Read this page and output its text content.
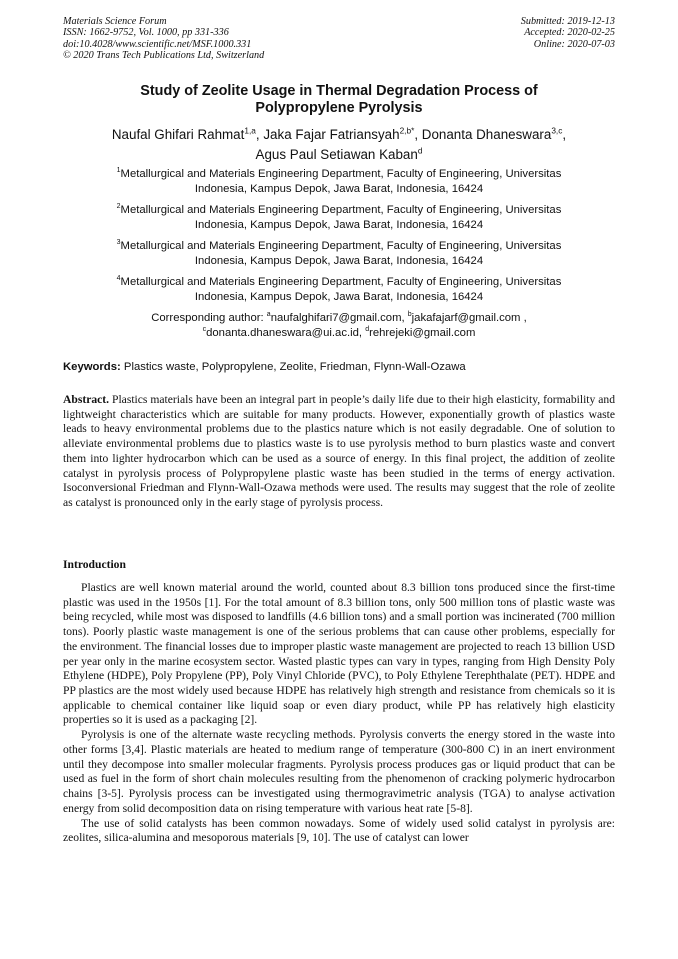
Materials Science Forum
ISSN: 1662-9752, Vol. 1000, pp 331-336
doi:10.4028/www.scientific.net/MSF.1000.331
© 2020 Trans Tech Publications Ltd, Switzerland
Submitted: 2019-12-13
Accepted: 2020-02-25
Online: 2020-07-03
Study of Zeolite Usage in Thermal Degradation Process of
Polypropylene Pyrolysis
Naufal Ghifari Rahmat$^{1,a}$, Jaka Fajar Fatriansyah$^{2,b*}$, Donanta Dhaneswara$^{3,c}$,
Agus Paul Setiawan Kaban$^d$
$^1$Metallurgical and Materials Engineering Department, Faculty of Engineering, Universitas
Indonesia, Kampus Depok, Jawa Barat, Indonesia, 16424
$^2$Metallurgical and Materials Engineering Department, Faculty of Engineering, Universitas
Indonesia, Kampus Depok, Jawa Barat, Indonesia, 16424
$^3$Metallurgical and Materials Engineering Department, Faculty of Engineering, Universitas
Indonesia, Kampus Depok, Jawa Barat, Indonesia, 16424
$^4$Metallurgical and Materials Engineering Department, Faculty of Engineering, Universitas
Indonesia, Kampus Depok, Jawa Barat, Indonesia, 16424
Corresponding author: $^a$naufalghifari7@gmail.com, $^b$jakafajarf@gmail.com ,
$^c$donanta.dhaneswara@ui.ac.id, $^d$rehrejeki@gmail.com
Keywords: Plastics waste, Polypropylene, Zeolite, Friedman, Flynn-Wall-Ozawa
Abstract. Plastics materials have been an integral part in people’s daily life due to their high elasticity, formability and lightweight characteristics which are suitable for many products. However, exponentially growth of plastics waste leads to heavy environmental problems due to the plastics nature which is not easily degradable. One of solution to alleviate environmental problems due to plastics waste is to use pyrolysis method to burn plastics waste and convert them into lighter hydrocarbon which can be used as a source of energy. In this final project, the addition of zeolite catalyst in pyrolysis process of Polypropylene plastic waste has been studied in the terms of energy activation. Isoconversional Friedman and Flynn-Wall-Ozawa methods were used. The results may suggest that the role of zeolite as catalyst is pronounced only in the early stage of pyrolysis process.
Introduction

Plastics are well known material around the world, counted about 8.3 billion tons produced since the first-time plastic was used in the 1950s [1]. For the total amount of 8.3 billion tons, only 500 million tons of plastic waste was being recycled, while most was disposed to landfills (4.6 billion tons) and a small portion was incinerated (700 million tons). Poorly plastic waste management is one of the serious problems that can cause other problems, especially for the environment. The financial losses due to improper plastic waste management are projected to reach 13 billion USD per year only in the marine ecosystem sector. Wasted plastic types can vary in types, ranging from High Density Poly Ethylene (HDPE), Poly Propylene (PP), Poly Vinyl Chloride (PVC), to Poly Ethylene Terephthalate (PET). HDPE and PP plastics are the most widely used because HDPE has relatively high strength and resistance from chemicals so it is applicable to chemical container like liquid soap or even diary product, while PP has relatively high elasticity properties so it is used as a packaging [2].

Pyrolysis is one of the alternate waste recycling methods. Pyrolysis converts the energy stored in the waste into other forms [3,4]. Plastic materials are heated to medium range of temperature (300-800 C) in an inert environment until they decompose into smaller molecular fragments. Pyrolysis process produces gas or liquid product that can be used as fuel in the form of short chain molecules resulting from the phenomenon of cracking polymeric hydrocarbon chains [3-5]. Pyrolysis process can be investigated using thermogravimetric analysis (TGA) to analyse activation energy from solid decomposition data on rising temperature with various heat rate [5-8].

The use of solid catalysts has been common nowadays. Some of widely used solid catalyst in pyrolysis are: zeolites, silica-alumina and mesoporous materials [9, 10]. The use of catalyst can lower
